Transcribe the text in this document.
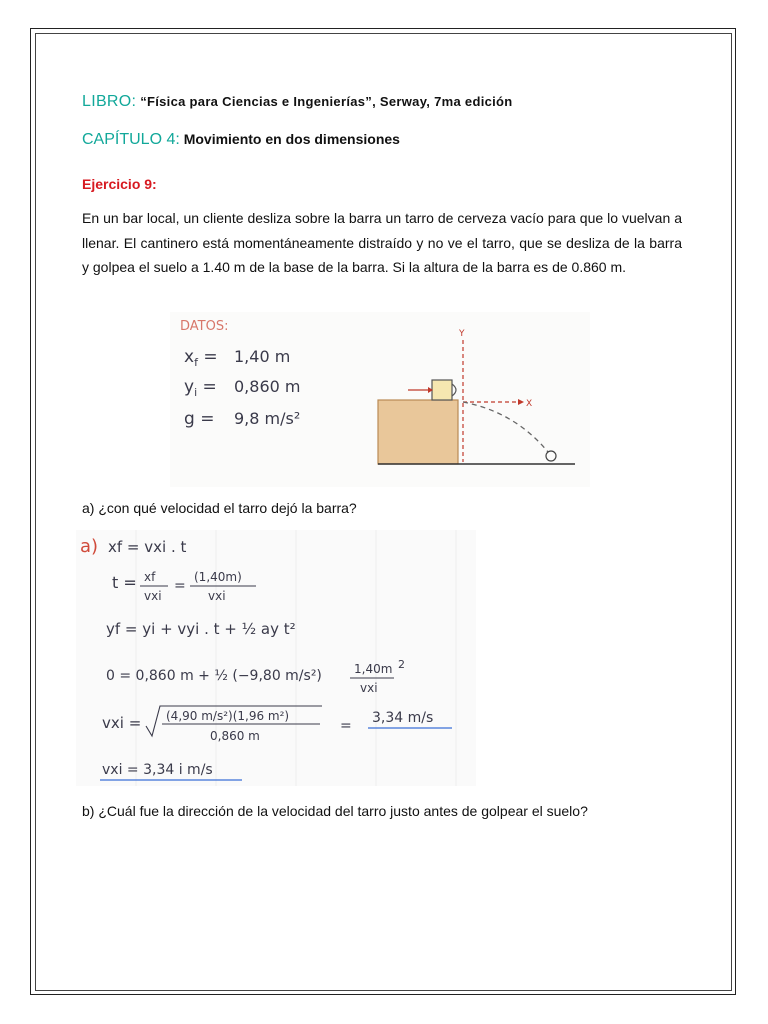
LIBRO: “Física para Ciencias e Ingenierías”, Serway, 7ma edición
CAPÍTULO 4: Movimiento en dos dimensiones
Ejercicio 9:

En un bar local, un cliente desliza sobre la barra un tarro de cerveza vacío para que lo vuelvan a llenar. El cantinero está momentáneamente distraído y no ve el tarro, que se desliza de la barra y golpea el suelo a 1.40 m de la base de la barra. Si la altura de la barra es de 0.860 m.

DATOS:
$x_f = 1,40$ m
$y_i = 0,860$ m
g = 9,8 m/s²
Y
X
a) ¿con qué velocidad el tarro dejó la barra?
a) xf = vxi . t
t = xf
vxi
=
(1,40m)
vxi
yf = yi + vyi . t + ½ ay t²
0 = 0,860 m + ½ (−9,80 m/s²)	1,40m
vxi
2
vxi = (4,90 m/s²)(1,96 m²)
0,860 m
= 3,34 m/s
vxi = 3,34 i m/s
b) ¿Cuál fue la dirección de la velocidad del tarro justo antes de golpear el suelo?
